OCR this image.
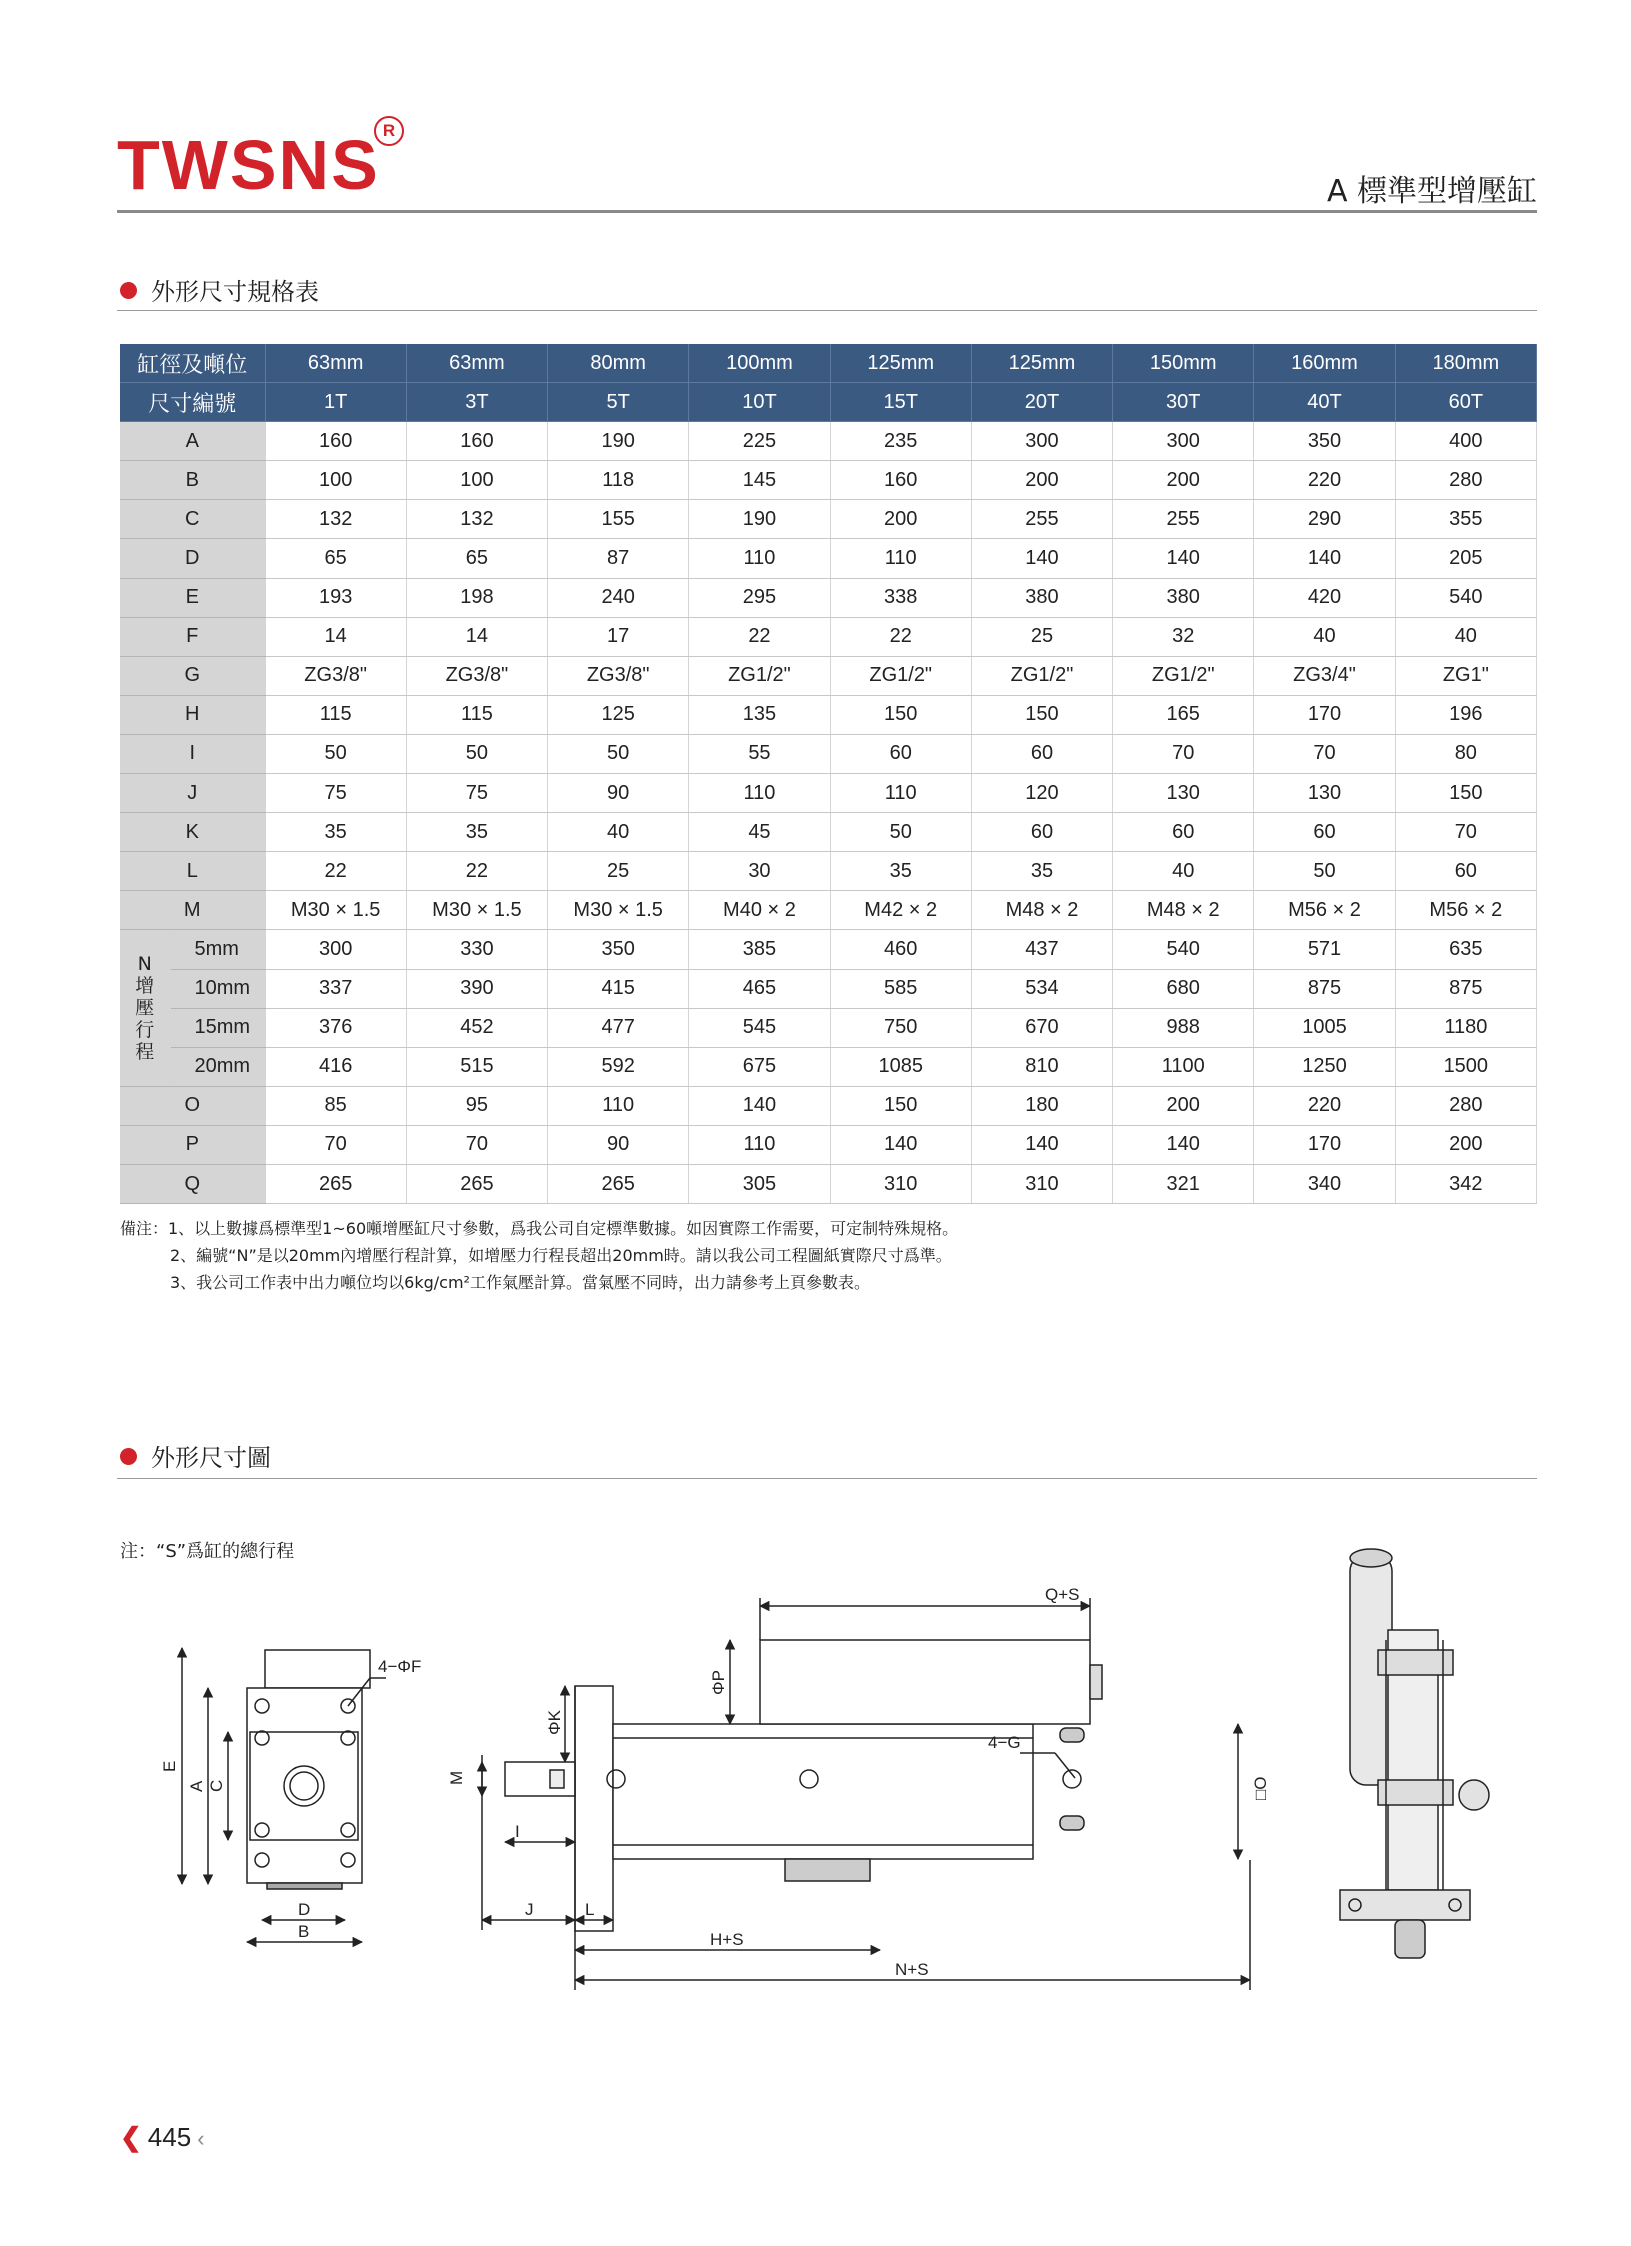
TWSNS R
A 標準型增壓缸
外形尺寸規格表
缸徑及噸位		63mm	63mm	80mm	100mm	125mm	125mm	150mm	160mm	180mm
尺寸編號		1T	3T	5T	10T	15T	20T	30T	40T	60T
A		160	160	190	225	235	300	300	350	400
B		100	100	118	145	160	200	200	220	280
C		132	132	155	190	200	255	255	290	355
D		65	65	87	110	110	140	140	140	205
E		193	198	240	295	338	380	380	420	540
F		14	14	17	22	22	25	32	40	40
G		ZG3/8"	ZG3/8"	ZG3/8"	ZG1/2"	ZG1/2"	ZG1/2"	ZG1/2"	ZG3/4"	ZG1"
H		115	115	125	135	150	150	165	170	196
I		50	50	50	55	60	60	70	70	80
J		75	75	90	110	110	120	130	130	150
K		35	35	40	45	50	60	60	60	70
L		22	22	25	30	35	35	40	50	60
M		M30 × 1.5	M30 × 1.5	M30 × 1.5	M40 × 2	M42 × 2	M48 × 2	M48 × 2	M56 × 2	M56 × 2

N
增
壓
行
程	5mm	300	330	350	385	460	437	540	571	635
	10mm	337	390	415	465	585	534	680	875	875
	15mm	376	452	477	545	750	670	988	1005	1180
	20mm	416	515	592	675	1085	810	1100	1250	1500
O		85	95	110	140	150	180	200	220	280
P		70	70	90	110	140	140	140	170	200
Q		265	265	265	305	310	310	321	340	342
備注：1、以上數據爲標準型1~60噸增壓缸尺寸參數，爲我公司自定標準數據。如因實際工作需要，可定制特殊規格。
2、編號“N”是以20mm內增壓行程計算，如增壓力行程長超出20mm時。請以我公司工程圖紙實際尺寸爲準。
3、我公司工作表中出力噸位均以6kg/cm²工作氣壓計算。當氣壓不同時，出力請參考上頁參數表。
外形尺寸圖
注：“S”爲缸的總行程
4−ΦF
E
A C
D
B
Q+S
ΦP
ΦK
M
I
J	L
4−G
□O
H+S
N+S
❮ 445 ‹
